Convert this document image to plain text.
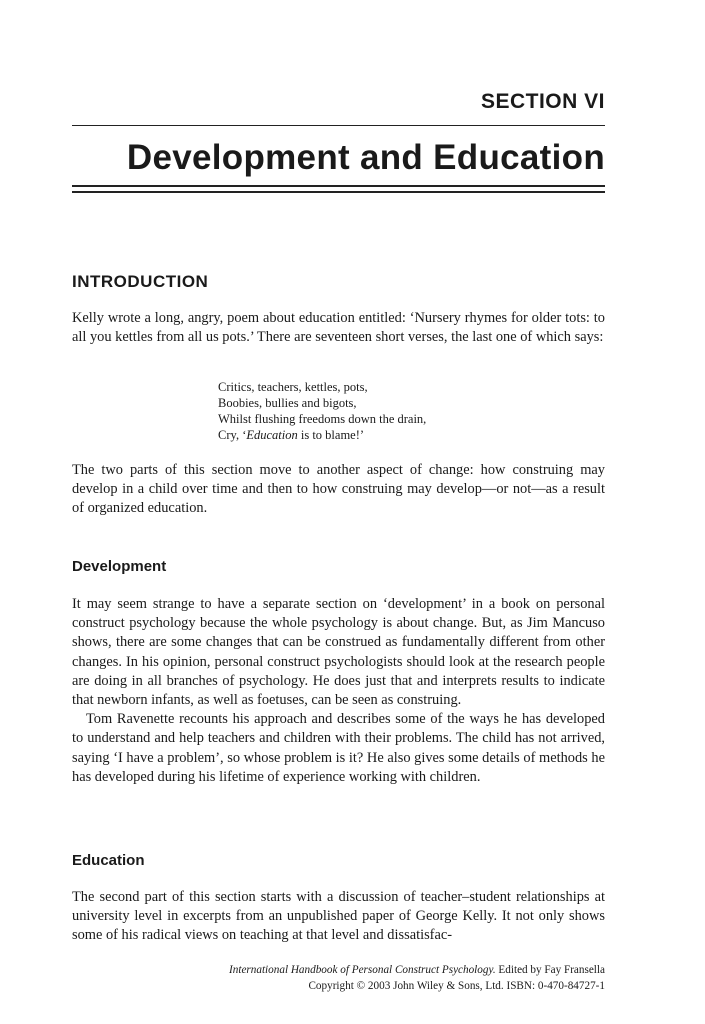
SECTION VI
Development and Education
INTRODUCTION

Kelly wrote a long, angry, poem about education entitled: ‘Nursery rhymes for older tots: to all you kettles from all us pots.’ There are seventeen short verses, the last one of which says:

Critics, teachers, kettles, pots,
Boobies, bullies and bigots,
Whilst flushing freedoms down the drain,
Cry, ‘Education is to blame!’

The two parts of this section move to another aspect of change: how construing may develop in a child over time and then to how construing may develop—or not—as a result of organized education.

Development

It may seem strange to have a separate section on ‘development’ in a book on personal construct psychology because the whole psychology is about change. But, as Jim Mancuso shows, there are some changes that can be construed as fundamentally different from other changes. In his opinion, personal construct psychologists should look at the research people are doing in all branches of psychology. He does just that and interprets results to indicate that newborn infants, as well as foetuses, can be seen as construing.

Tom Ravenette recounts his approach and describes some of the ways he has developed to understand and help teachers and children with their problems. The child has not arrived, saying ‘I have a problem’, so whose problem is it? He also gives some details of methods he has developed during his lifetime of experience working with children.

Education

The second part of this section starts with a discussion of teacher–student relationships at university level in excerpts from an unpublished paper of George Kelly. It not only shows some of his radical views on teaching at that level and dissatisfac-

International Handbook of Personal Construct Psychology. Edited by Fay Fransella
Copyright © 2003 John Wiley & Sons, Ltd. ISBN: 0-470-84727-1
